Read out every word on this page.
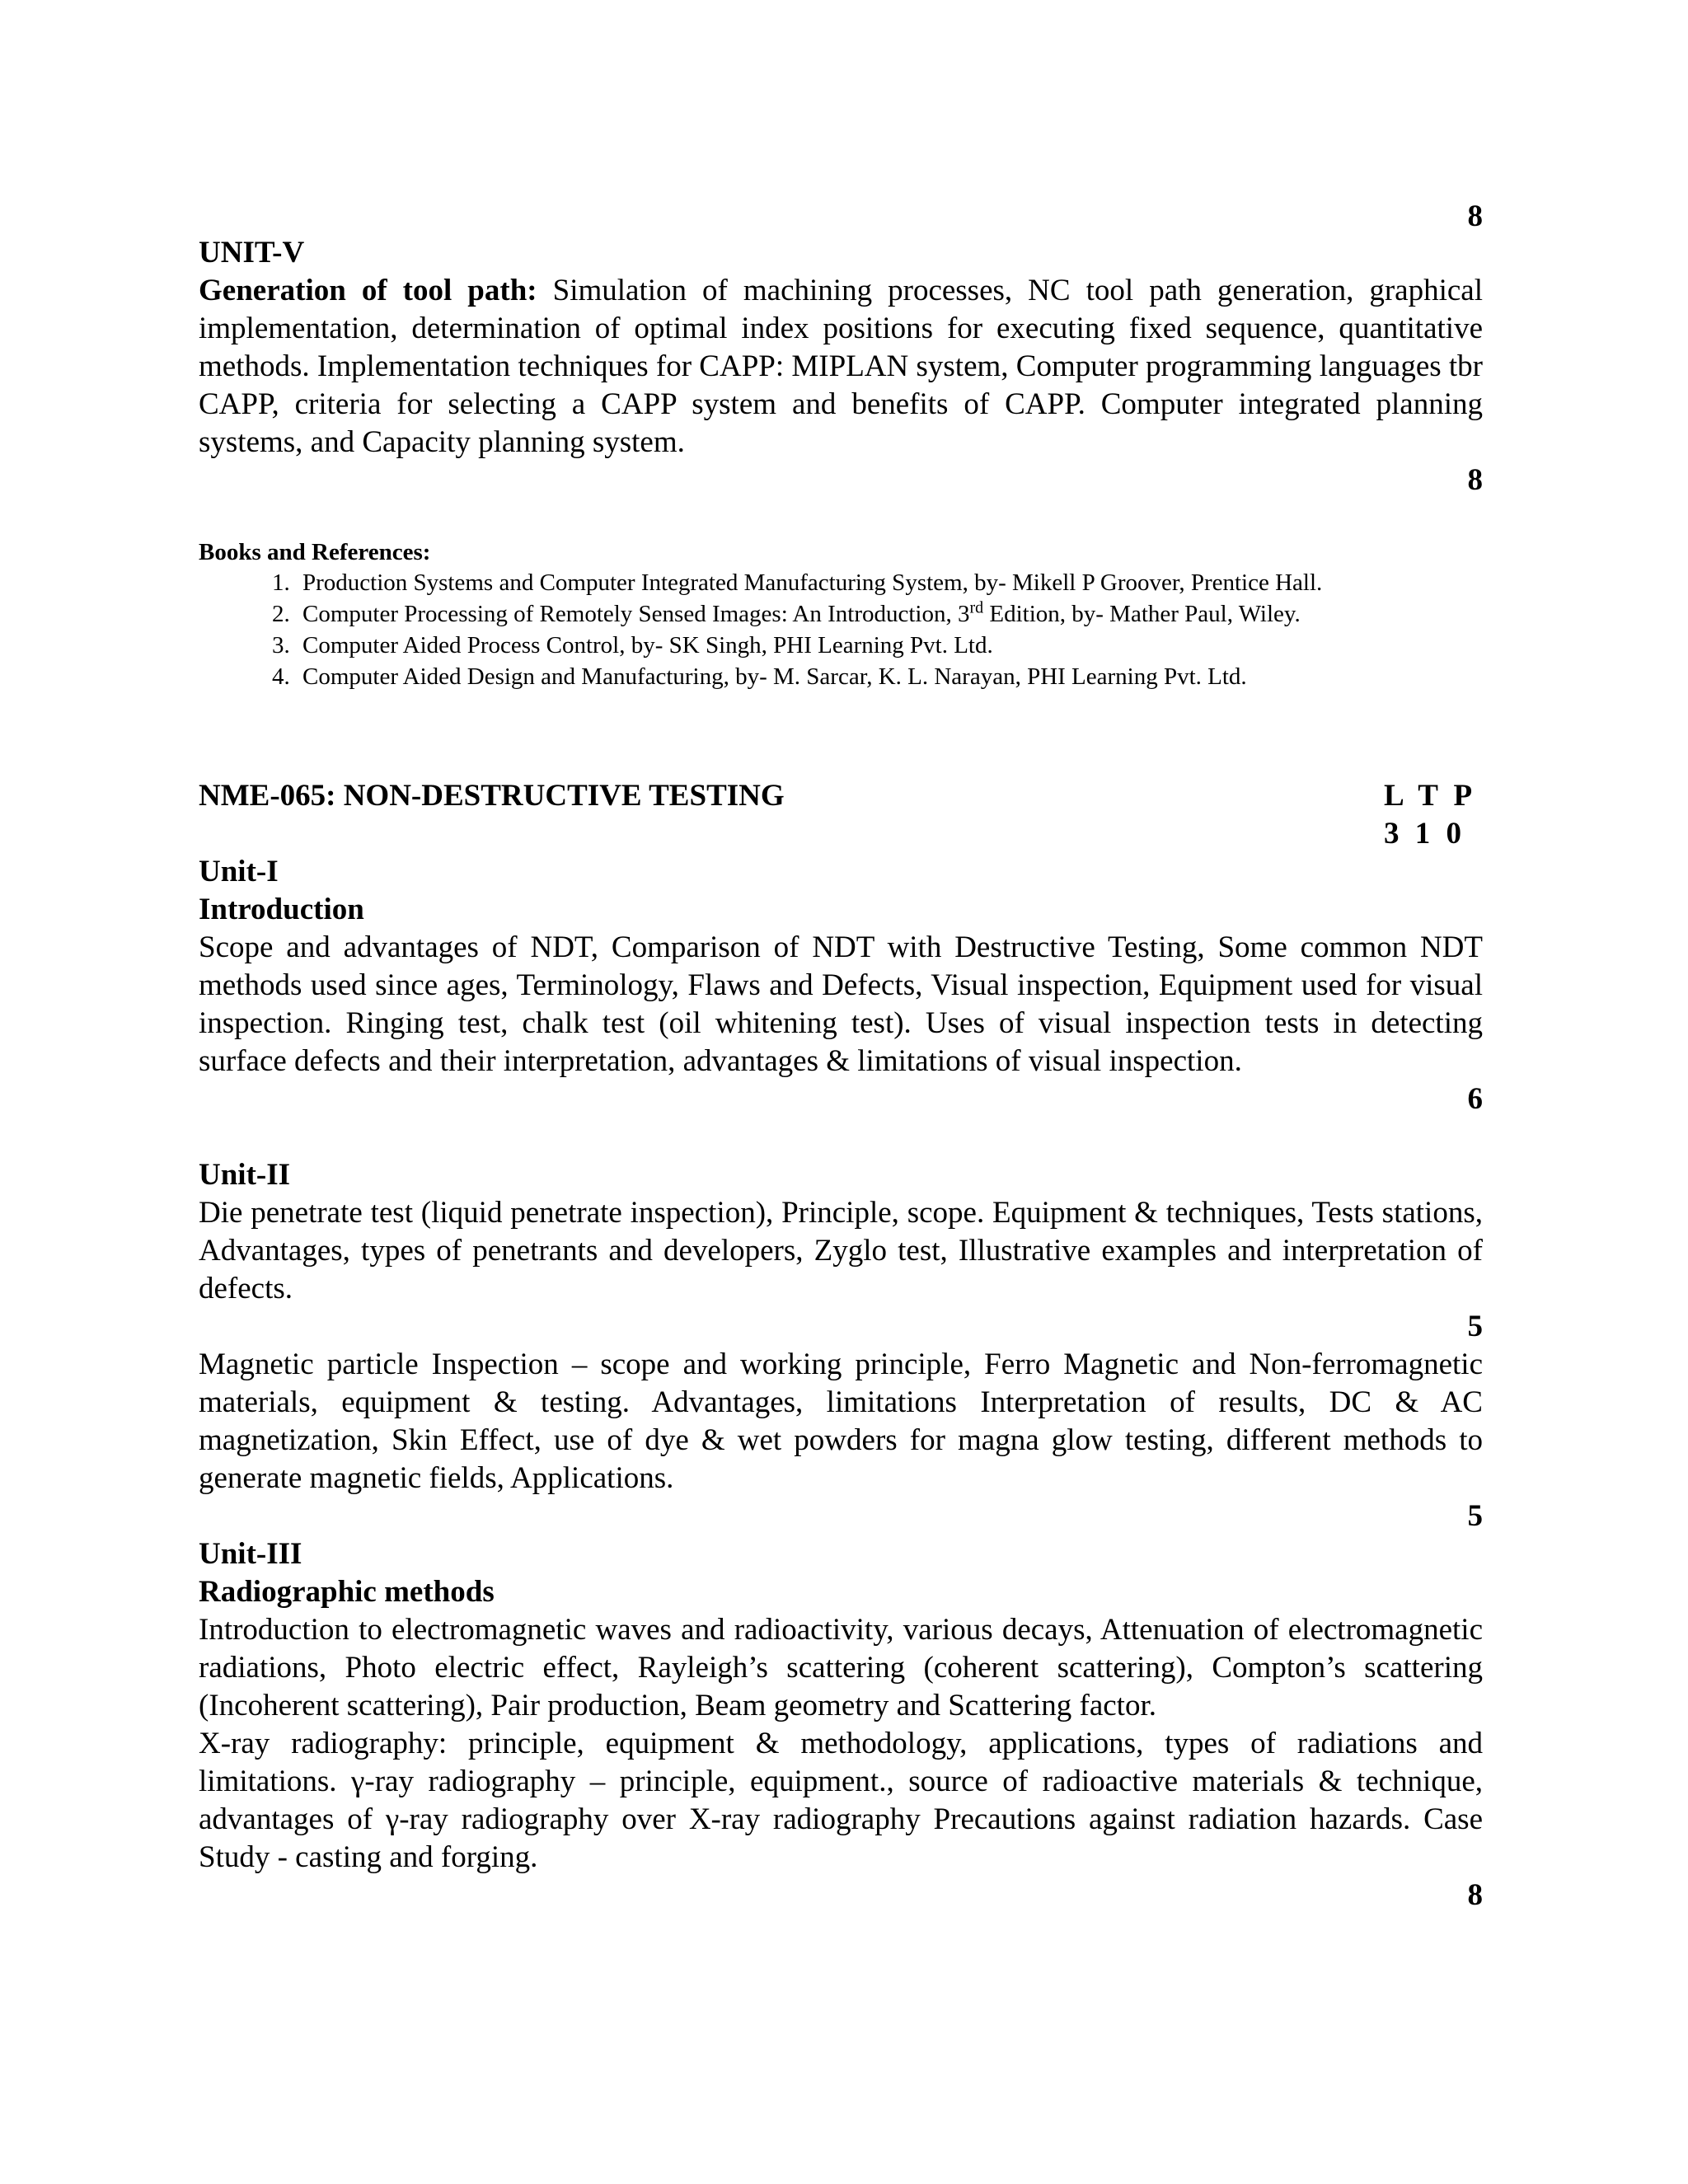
8

UNIT-V

Generation of tool path: Simulation of machining processes, NC tool path generation, graphical implementation, determination of optimal index positions for executing fixed sequence, quantitative methods. Implementation techniques for CAPP: MIPLAN system, Computer programming languages tbr CAPP, criteria for selecting a CAPP system and benefits of CAPP. Computer integrated planning systems, and Capacity planning system.

8

Books and References:

1. Production Systems and Computer Integrated Manufacturing System, by- Mikell P Groover, Prentice Hall.
2. Computer Processing of Remotely Sensed Images: An Introduction, 3rd Edition, by- Mather Paul, Wiley.
3. Computer Aided Process Control, by- SK Singh, PHI Learning Pvt. Ltd.
4. Computer Aided Design and Manufacturing, by- M. Sarcar, K. L. Narayan, PHI Learning Pvt. Ltd.
NME-065: NON-DESTRUCTIVE TESTING	L T P
3 1 0

Unit-I

Introduction

Scope and advantages of NDT, Comparison of NDT with Destructive Testing, Some common NDT methods used since ages, Terminology, Flaws and Defects, Visual inspection, Equipment used for visual inspection. Ringing test, chalk test (oil whitening test). Uses of visual inspection tests in detecting surface defects and their interpretation, advantages & limitations of visual inspection.

6

Unit-II

Die penetrate test (liquid penetrate inspection), Principle, scope. Equipment & techniques, Tests stations, Advantages, types of penetrants and developers, Zyglo test, Illustrative examples and interpretation of defects.

5

Magnetic particle Inspection – scope and working principle, Ferro Magnetic and Non-ferromagnetic materials, equipment & testing. Advantages, limitations Interpretation of results, DC & AC magnetization, Skin Effect, use of dye & wet powders for magna glow testing, different methods to generate magnetic fields, Applications.

5

Unit-III

Radiographic methods

Introduction to electromagnetic waves and radioactivity, various decays, Attenuation of electromagnetic radiations, Photo electric effect, Rayleigh’s scattering (coherent scattering), Compton’s scattering (Incoherent scattering), Pair production, Beam geometry and Scattering factor.

X-ray radiography: principle, equipment & methodology, applications, types of radiations and limitations. γ-ray radiography – principle, equipment., source of radioactive materials & technique, advantages of γ-ray radiography over X-ray radiography Precautions against radiation hazards. Case Study - casting and forging.

8
